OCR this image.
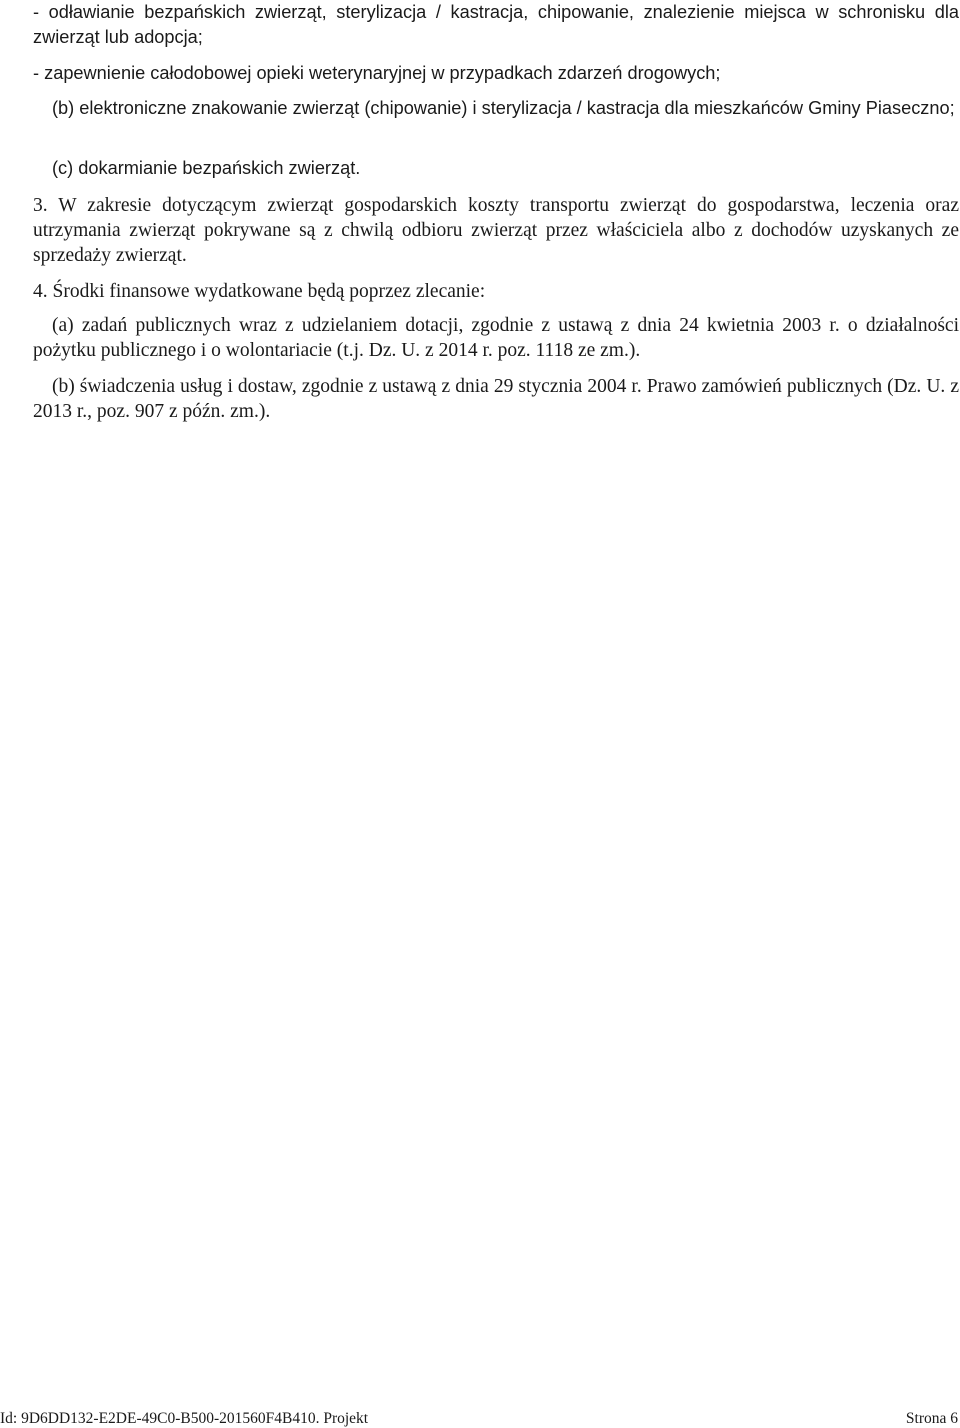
- odławianie bezpańskich zwierząt, sterylizacja / kastracja, chipowanie, znalezienie miejsca w schronisku dla zwierząt lub adopcja;
- zapewnienie całodobowej opieki weterynaryjnej w przypadkach zdarzeń drogowych;
(b) elektroniczne znakowanie zwierząt (chipowanie) i sterylizacja / kastracja dla mieszkańców Gminy Piaseczno;
(c) dokarmianie bezpańskich zwierząt.
3. W zakresie dotyczącym zwierząt gospodarskich koszty transportu zwierząt do gospodarstwa, leczenia oraz utrzymania zwierząt pokrywane są z chwilą odbioru zwierząt przez właściciela albo z dochodów uzyskanych ze sprzedaży zwierząt.
4. Środki finansowe wydatkowane będą poprzez zlecanie:
(a) zadań publicznych wraz z udzielaniem dotacji, zgodnie z ustawą z dnia 24 kwietnia 2003 r. o działalności pożytku publicznego i o wolontariacie (t.j. Dz. U. z 2014 r. poz. 1118 ze zm.).
(b) świadczenia usług i dostaw, zgodnie z ustawą z dnia 29 stycznia 2004 r. Prawo zamówień publicznych (Dz. U. z 2013 r., poz. 907 z późn. zm.).
Id: 9D6DD132-E2DE-49C0-B500-201560F4B410. Projekt	Strona 6
